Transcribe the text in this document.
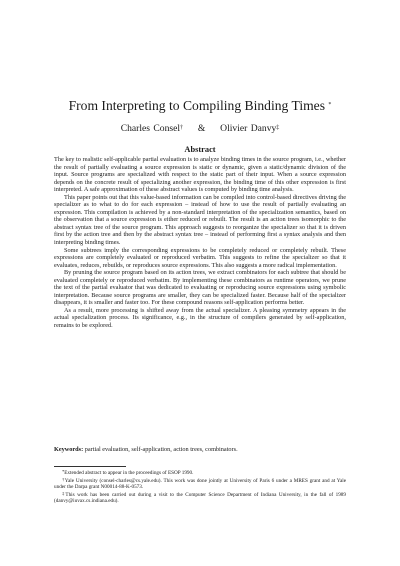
From Interpreting to Compiling Binding Times *
Charles Consel† & Olivier Danvy‡
Abstract

The key to realistic self-applicable partial evaluation is to analyze binding times in the source program, i.e., whether the result of partially evaluating a source expression is static or dynamic, given a static/dynamic division of the input. Source programs are specialized with respect to the static part of their input. When a source expression depends on the concrete result of specializing another expression, the binding time of this other expression is first interpreted. A safe approximation of these abstract values is computed by binding time analysis.

This paper points out that this value-based information can be compiled into control-based directives driving the specializer as to what to do for each expression – instead of how to use the result of partially evaluating an expression. This compilation is achieved by a non-standard interpretation of the specialization semantics, based on the observation that a source expression is either reduced or rebuilt. The result is an action trees isomorphic to the abstract syntax tree of the source program. This approach suggests to reorganize the specializer so that it is driven first by the action tree and then by the abstract syntax tree – instead of performing first a syntax analysis and then interpreting binding times.

Some subtrees imply the corresponding expressions to be completely reduced or completely rebuilt. These expressions are completely evaluated or reproduced verbatim. This suggests to refine the specializer so that it evaluates, reduces, rebuilds, or reproduces source expressions. This also suggests a more radical implementation.

By pruning the source program based on its action trees, we extract combinators for each subtree that should be evaluated completely or reproduced verbatim. By implementing these combinators as runtime operators, we prune the text of the partial evaluator that was dedicated to evaluating or reproducing source expressions using symbolic interpretation. Because source programs are smaller, they can be specialized faster. Because half of the specializer disappears, it is smaller and faster too. For these compound reasons self-application performs better.

As a result, more processing is shifted away from the actual specializer. A pleasing symmetry appears in the actual specialization process. Its significance, e.g., in the structure of compilers generated by self-application, remains to be explored.

Keywords: partial evaluation, self-application, action trees, combinators.

*Extended abstract to appear in the proceedings of ESOP 1990.

†Yale University (consel-charles@cs.yale.edu). This work was done jointly at University of Paris 6 under a MRES grant and at Yale under the Darpa grant N00014-88-K-0573.

‡This work has been carried out during a visit to the Computer Science Department of Indiana University, in the fall of 1989 (danvy@iuvax.cs.indiana.edu).
